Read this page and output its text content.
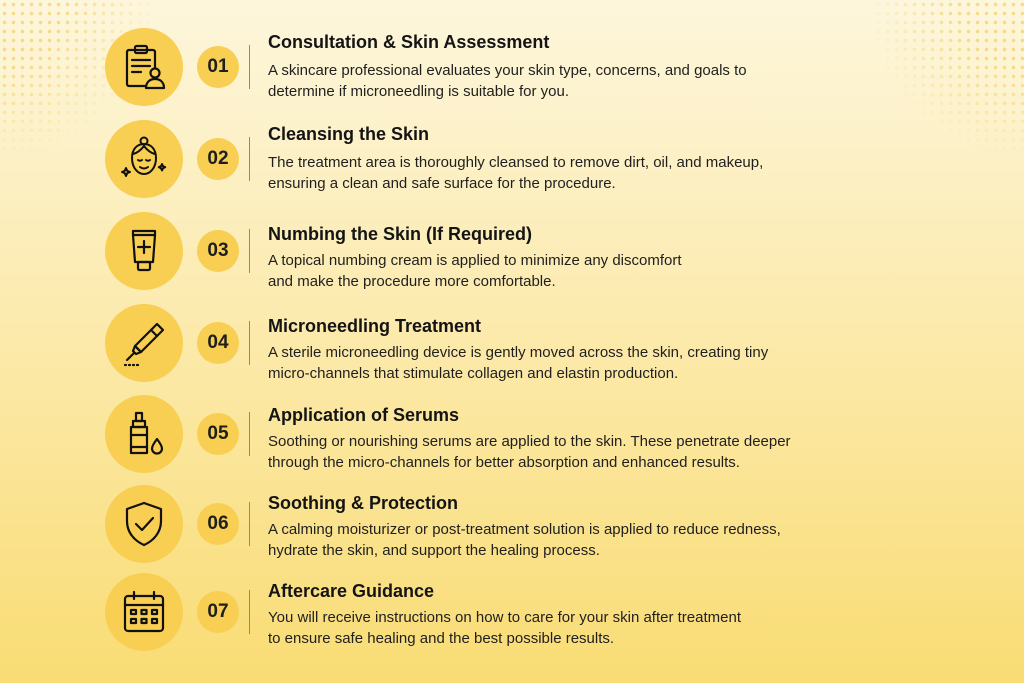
01
Consultation & Skin Assessment
A skincare professional evaluates your skin type, concerns, and goals to
determine if microneedling is suitable for you.
02
Cleansing the Skin
The treatment area is thoroughly cleansed to remove dirt, oil, and makeup,
ensuring a clean and safe surface for the procedure.
03
Numbing the Skin (If Required)
A topical numbing cream is applied to minimize any discomfort
and make the procedure more comfortable.
04
Microneedling Treatment
A sterile microneedling device is gently moved across the skin, creating tiny
micro-channels that stimulate collagen and elastin production.
05
Application of Serums
Soothing or nourishing serums are applied to the skin. These penetrate deeper
through the micro-channels for better absorption and enhanced results.
06
Soothing & Protection
A calming moisturizer or post-treatment solution is applied to reduce redness,
hydrate the skin, and support the healing process.
07
Aftercare Guidance
You will receive instructions on how to care for your skin after treatment
to ensure safe healing and the best possible results.
